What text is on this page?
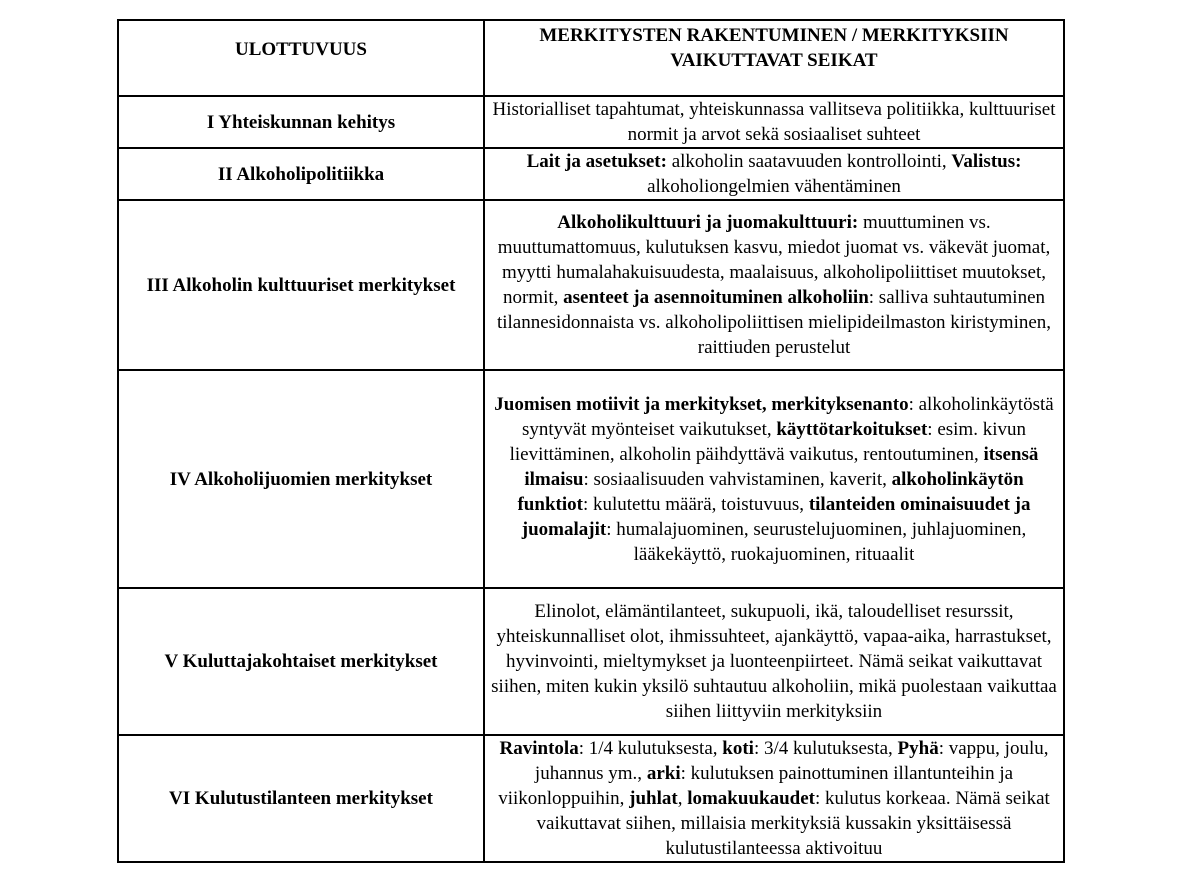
ULOTTUVUUS	MERKITYSTEN RAKENTUMINEN / MERKITYKSIIN VAIKUTTAVAT SEIKAT
I Yhteiskunnan kehitys	Historialliset tapahtumat, yhteiskunnassa vallitseva politiikka, kulttuuriset normit ja arvot sekä sosiaaliset suhteet
II Alkoholipolitiikka	Lait ja asetukset: alkoholin saatavuuden kontrollointi, Valistus: alkoholiongelmien vähentäminen
III Alkoholin kulttuuriset merkitykset	Alkoholikulttuuri ja juomakulttuuri: muuttuminen vs. muuttumattomuus, kulutuksen kasvu, miedot juomat vs. väkevät juomat, myytti humalahakuisuudesta, maalaisuus, alkoholipoliittiset muutokset, normit, asenteet ja asennoituminen alkoholiin: salliva suhtautuminen tilannesidonnaista vs. alkoholipoliittisen mielipideilmaston kiristyminen, raittiuden perustelut
IV Alkoholijuomien merkitykset	Juomisen motiivit ja merkitykset, merkityksenanto: alkoholinkäytöstä syntyvät myönteiset vaikutukset, käyttötarkoitukset: esim. kivun lievittäminen, alkoholin päihdyttävä vaikutus, rentoutuminen, itsensä ilmaisu: sosiaalisuuden vahvistaminen, kaverit, alkoholinkäytön funktiot: kulutettu määrä, toistuvuus, tilanteiden ominaisuudet ja juomalajit: humalajuominen, seurustelujuominen, juhlajuominen, lääkekäyttö, ruokajuominen, rituaalit
V Kuluttajakohtaiset merkitykset	Elinolot, elämäntilanteet, sukupuoli, ikä, taloudelliset resurssit, yhteiskunnalliset olot, ihmissuhteet, ajankäyttö, vapaa-aika, harrastukset, hyvinvointi, mieltymykset ja luonteenpiirteet. Nämä seikat vaikuttavat siihen, miten kukin yksilö suhtautuu alkoholiin, mikä puolestaan vaikuttaa siihen liittyviin merkityksiin
VI Kulutustilanteen merkitykset	Ravintola: 1/4 kulutuksesta, koti: 3/4 kulutuksesta, Pyhä: vappu, joulu, juhannus ym., arki: kulutuksen painottuminen illantunteihin ja viikonloppuihin, juhlat, lomakuukaudet: kulutus korkeaa. Nämä seikat vaikuttavat siihen, millaisia merkityksiä kussakin yksittäisessä kulutustilanteessa aktivoituu
